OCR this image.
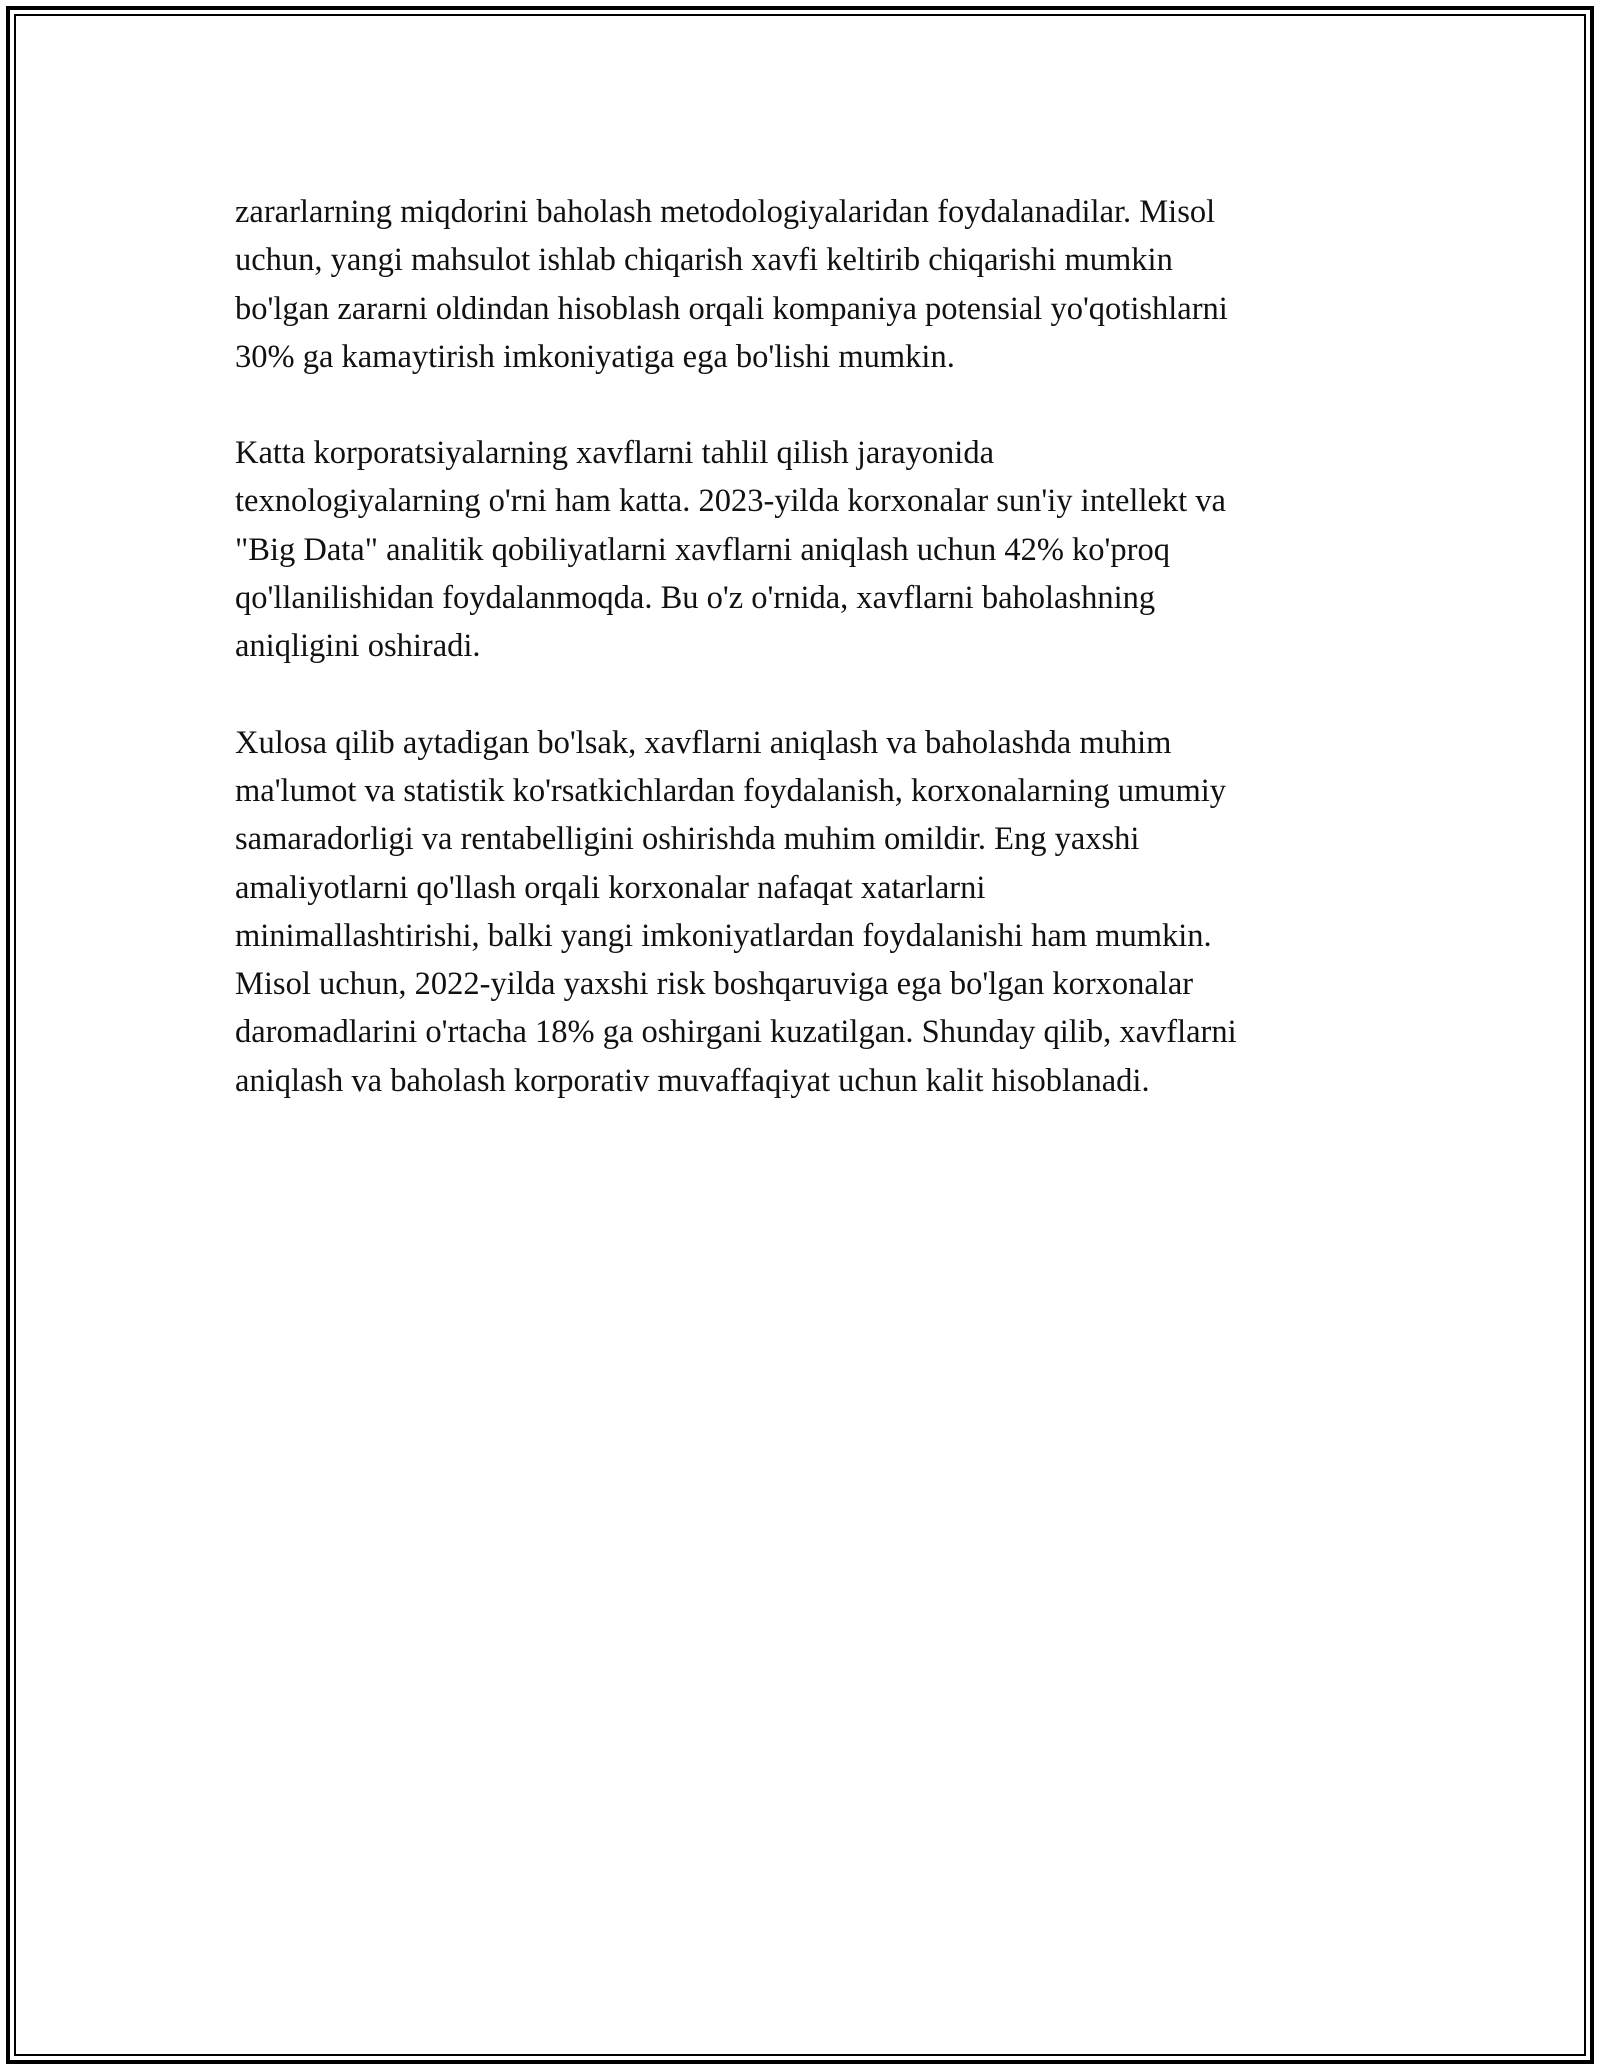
zararlarning miqdorini baholash metodologiyalaridan foydalanadilar. Misol
uchun, yangi mahsulot ishlab chiqarish xavfi keltirib chiqarishi mumkin
bo'lgan zararni oldindan hisoblash orqali kompaniya potensial yo'qotishlarni
30% ga kamaytirish imkoniyatiga ega bo'lishi mumkin.

Katta korporatsiyalarning xavflarni tahlil qilish jarayonida
texnologiyalarning o'rni ham katta. 2023-yilda korxonalar sun'iy intellekt va
"Big Data" analitik qobiliyatlarni xavflarni aniqlash uchun 42% ko'proq
qo'llanilishidan foydalanmoqda. Bu o'z o'rnida, xavflarni baholashning
aniqligini oshiradi.

Xulosa qilib aytadigan bo'lsak, xavflarni aniqlash va baholashda muhim
ma'lumot va statistik ko'rsatkichlardan foydalanish, korxonalarning umumiy
samaradorligi va rentabelligini oshirishda muhim omildir. Eng yaxshi
amaliyotlarni qo'llash orqali korxonalar nafaqat xatarlarni
minimallashtirishi, balki yangi imkoniyatlardan foydalanishi ham mumkin.
Misol uchun, 2022-yilda yaxshi risk boshqaruviga ega bo'lgan korxonalar
daromadlarini o'rtacha 18% ga oshirgani kuzatilgan. Shunday qilib, xavflarni
aniqlash va baholash korporativ muvaffaqiyat uchun kalit hisoblanadi.
